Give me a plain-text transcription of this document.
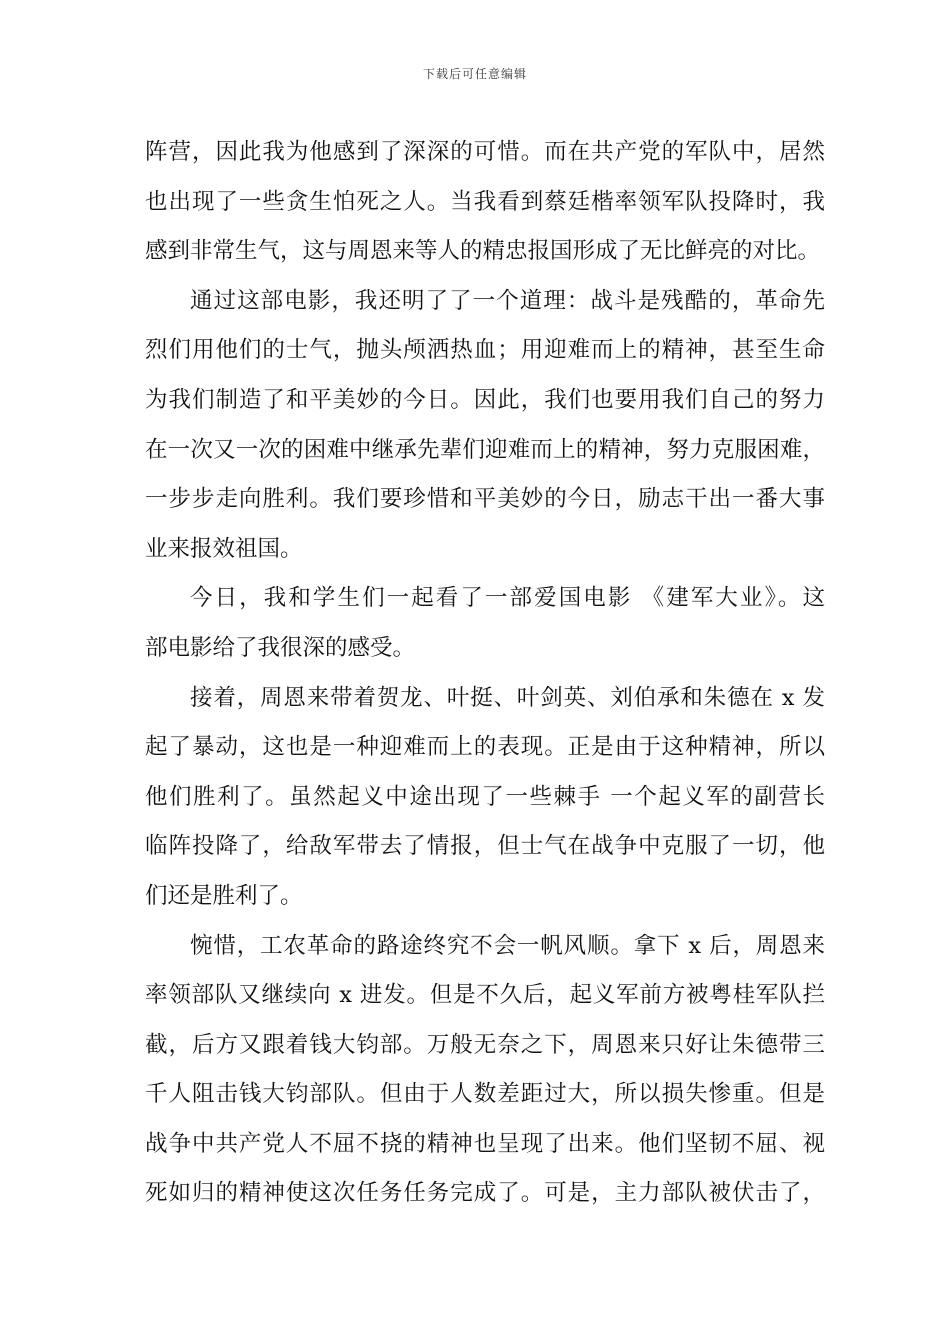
下载后可任意编辑
阵营，因此我为他感到了深深的可惜。而在共产党的军队中，居然
也出现了一些贪生怕死之人。当我看到蔡廷楷率领军队投降时，我
感到非常生气，这与周恩来等人的精忠报国形成了无比鲜亮的对比。
通过这部电影，我还明了了一个道理：战斗是残酷的，革命先
烈们用他们的士气，抛头颅洒热血；用迎难而上的精神，甚至生命
为我们制造了和平美妙的今日。因此，我们也要用我们自己的努力
在一次又一次的困难中继承先辈们迎难而上的精神，努力克服困难，
一步步走向胜利。我们要珍惜和平美妙的今日，励志干出一番大事
业来报效祖国。
今日，我和学生们一起看了一部爱国电影 《建军大业》。这
部电影给了我很深的感受。
接着，周恩来带着贺龙、叶挺、叶剑英、刘伯承和朱德在 x 发
起了暴动，这也是一种迎难而上的表现。正是由于这种精神，所以
他们胜利了。虽然起义中途出现了一些棘手 一个起义军的副营长
临阵投降了，给敌军带去了情报，但士气在战争中克服了一切，他
们还是胜利了。
惋惜，工农革命的路途终究不会一帆风顺。拿下 x 后，周恩来
率领部队又继续向 x 进发。但是不久后，起义军前方被粤桂军队拦
截，后方又跟着钱大钧部。万般无奈之下，周恩来只好让朱德带三
千人阻击钱大钧部队。但由于人数差距过大，所以损失惨重。但是
战争中共产党人不屈不挠的精神也呈现了出来。他们坚韧不屈、视
死如归的精神使这次任务任务完成了。可是，主力部队被伏击了，
